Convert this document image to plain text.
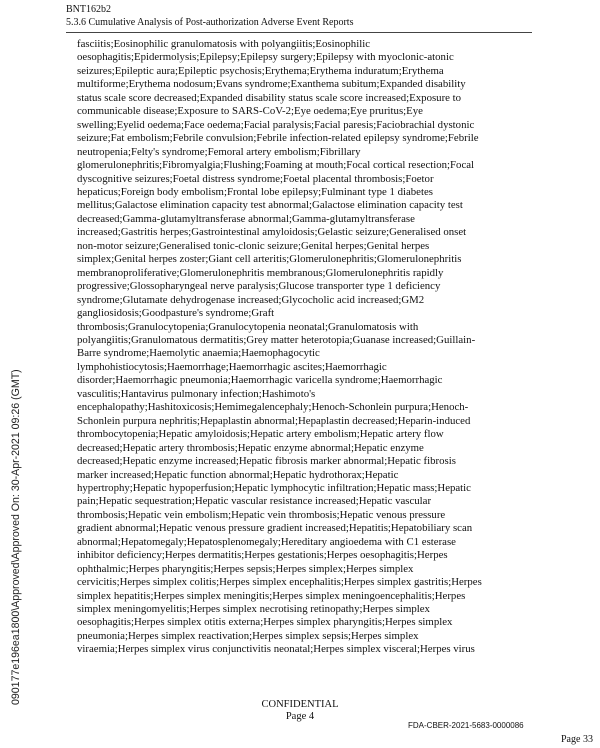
BNT162b2
5.3.6 Cumulative Analysis of Post-authorization Adverse Event Reports
090177e196ea1800\Approved\Approved On: 30-Apr-2021 09:26 (GMT)
fasciitis;Eosinophilic granulomatosis with polyangiitis;Eosinophilic
oesophagitis;Epidermolysis;Epilepsy;Epilepsy surgery;Epilepsy with myoclonic-atonic
seizures;Epileptic aura;Epileptic psychosis;Erythema;Erythema induratum;Erythema
multiforme;Erythema nodosum;Evans syndrome;Exanthema subitum;Expanded disability
status scale score decreased;Expanded disability status scale score increased;Exposure to
communicable disease;Exposure to SARS-CoV-2;Eye oedema;Eye pruritus;Eye
swelling;Eyelid oedema;Face oedema;Facial paralysis;Facial paresis;Faciobrachial dystonic
seizure;Fat embolism;Febrile convulsion;Febrile infection-related epilepsy syndrome;Febrile
neutropenia;Felty's syndrome;Femoral artery embolism;Fibrillary
glomerulonephritis;Fibromyalgia;Flushing;Foaming at mouth;Focal cortical resection;Focal
dyscognitive seizures;Foetal distress syndrome;Foetal placental thrombosis;Foetor
hepaticus;Foreign body embolism;Frontal lobe epilepsy;Fulminant type 1 diabetes
mellitus;Galactose elimination capacity test abnormal;Galactose elimination capacity test
decreased;Gamma-glutamyltransferase abnormal;Gamma-glutamyltransferase
increased;Gastritis herpes;Gastrointestinal amyloidosis;Gelastic seizure;Generalised onset
non-motor seizure;Generalised tonic-clonic seizure;Genital herpes;Genital herpes
simplex;Genital herpes zoster;Giant cell arteritis;Glomerulonephritis;Glomerulonephritis
membranoproliferative;Glomerulonephritis membranous;Glomerulonephritis rapidly
progressive;Glossopharyngeal nerve paralysis;Glucose transporter type 1 deficiency
syndrome;Glutamate dehydrogenase increased;Glycocholic acid increased;GM2
gangliosidosis;Goodpasture's syndrome;Graft
thrombosis;Granulocytopenia;Granulocytopenia neonatal;Granulomatosis with
polyangiitis;Granulomatous dermatitis;Grey matter heterotopia;Guanase increased;Guillain-
Barre syndrome;Haemolytic anaemia;Haemophagocytic
lymphohistiocytosis;Haemorrhage;Haemorrhagic ascites;Haemorrhagic
disorder;Haemorrhagic pneumonia;Haemorrhagic varicella syndrome;Haemorrhagic
vasculitis;Hantavirus pulmonary infection;Hashimoto's
encephalopathy;Hashitoxicosis;Hemimegalencephaly;Henoch-Schonlein purpura;Henoch-
Schonlein purpura nephritis;Hepaplastin abnormal;Hepaplastin decreased;Heparin-induced
thrombocytopenia;Hepatic amyloidosis;Hepatic artery embolism;Hepatic artery flow
decreased;Hepatic artery thrombosis;Hepatic enzyme abnormal;Hepatic enzyme
decreased;Hepatic enzyme increased;Hepatic fibrosis marker abnormal;Hepatic fibrosis
marker increased;Hepatic function abnormal;Hepatic hydrothorax;Hepatic
hypertrophy;Hepatic hypoperfusion;Hepatic lymphocytic infiltration;Hepatic mass;Hepatic
pain;Hepatic sequestration;Hepatic vascular resistance increased;Hepatic vascular
thrombosis;Hepatic vein embolism;Hepatic vein thrombosis;Hepatic venous pressure
gradient abnormal;Hepatic venous pressure gradient increased;Hepatitis;Hepatobiliary scan
abnormal;Hepatomegaly;Hepatosplenomegaly;Hereditary angioedema with C1 esterase
inhibitor deficiency;Herpes dermatitis;Herpes gestationis;Herpes oesophagitis;Herpes
ophthalmic;Herpes pharyngitis;Herpes sepsis;Herpes simplex;Herpes simplex
cervicitis;Herpes simplex colitis;Herpes simplex encephalitis;Herpes simplex gastritis;Herpes
simplex hepatitis;Herpes simplex meningitis;Herpes simplex meningoencephalitis;Herpes
simplex meningomyelitis;Herpes simplex necrotising retinopathy;Herpes simplex
oesophagitis;Herpes simplex otitis externa;Herpes simplex pharyngitis;Herpes simplex
pneumonia;Herpes simplex reactivation;Herpes simplex sepsis;Herpes simplex
viraemia;Herpes simplex virus conjunctivitis neonatal;Herpes simplex visceral;Herpes virus
CONFIDENTIAL
Page 4
FDA-CBER-2021-5683-0000086
Page 33
